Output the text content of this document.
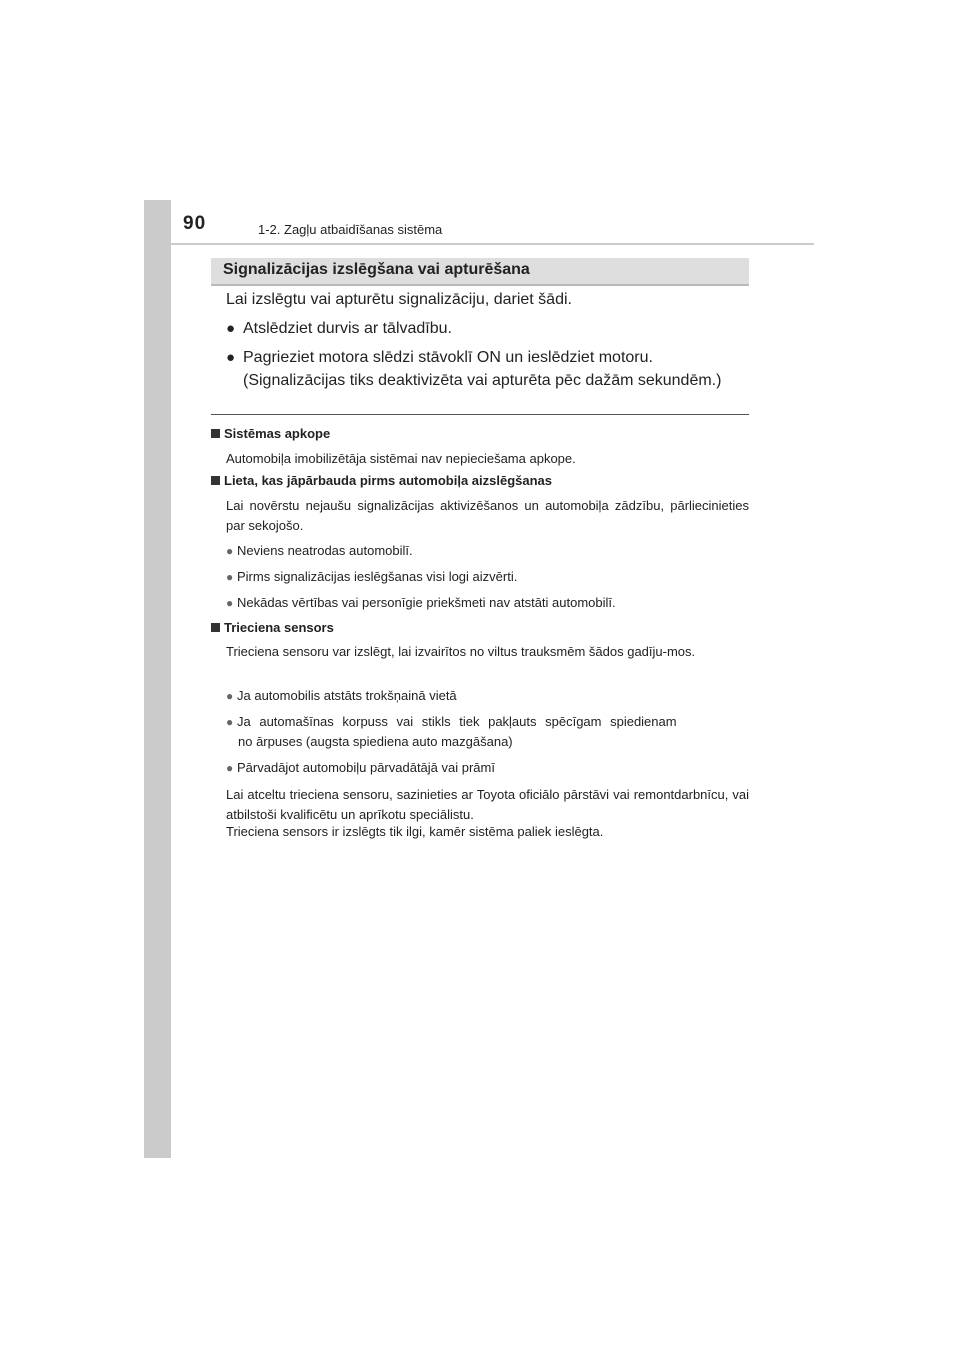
90	1-2. Zagļu atbaidīšanas sistēma
Signalizācijas izslēgšana vai apturēšana
Lai izslēgtu vai apturētu signalizāciju, dariet šādi.
● Atslēdziet durvis ar tālvadību.
● Pagrieziet motora slēdzi stāvoklī ON un ieslēdziet motoru.
(Signalizācijas tiks deaktivizēta vai apturēta pēc dažām sekundēm.)
Sistēmas apkope
Automobiļa imobilizētāja sistēmai nav nepieciešama apkope.
Lieta, kas jāpārbauda pirms automobiļa aizslēgšanas
Lai novērstu nejaušu signalizācijas aktivizēšanos un automobiļa zādzību, pārliecinieties par sekojošo.
● Neviens neatrodas automobilī.
● Pirms signalizācijas ieslēgšanas visi logi aizvērti.
● Nekādas vērtības vai personīgie priekšmeti nav atstāti automobilī.
Trieciena sensors
Trieciena sensoru var izslēgt, lai izvairītos no viltus trauksmēm šādos gadīju-mos.
● Ja automobilis atstāts trokšņainā vietā
● Ja automašīnas korpuss vai stikls tiek pakļauts spēcīgam spiedienam
no ārpuses (augsta spiediena auto mazgāšana)
● Pārvadājot automobiļu pārvadātājā vai prāmī
Lai atceltu trieciena sensoru, sazinieties ar Toyota oficiālo pārstāvi vai remontdarbnīcu, vai atbilstoši kvalificētu un aprīkotu speciālistu.
Trieciena sensors ir izslēgts tik ilgi, kamēr sistēma paliek ieslēgta.
